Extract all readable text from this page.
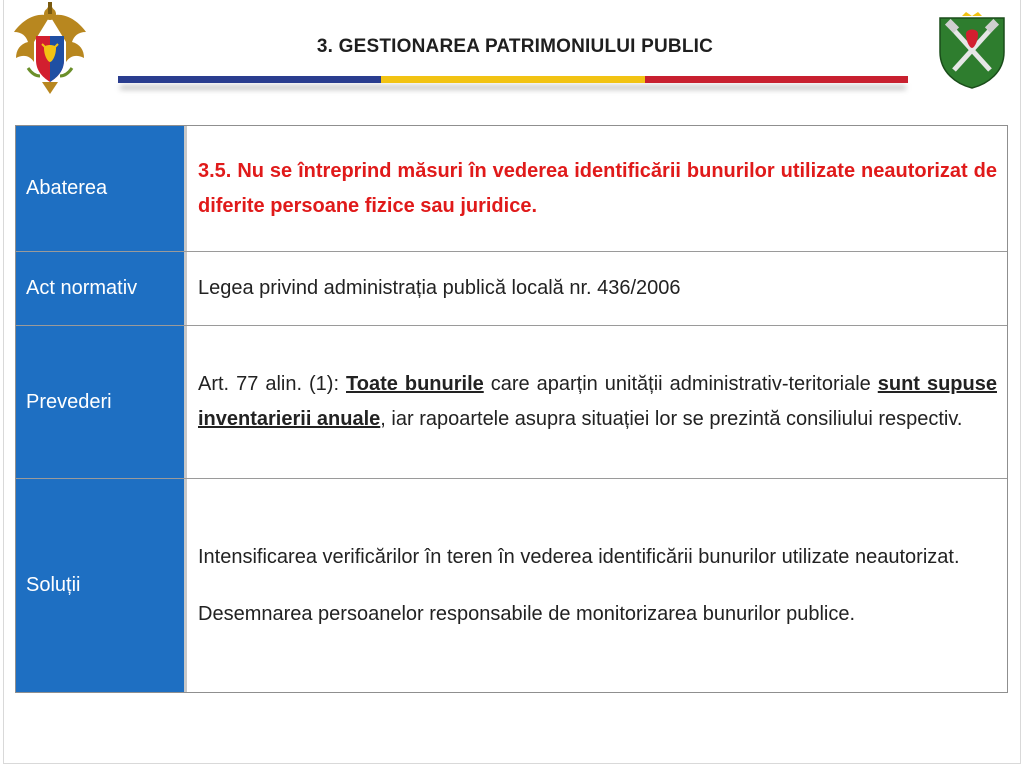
3. GESTIONAREA PATRIMONIULUI PUBLIC
Abaterea

3.5. Nu se întreprind măsuri în vederea identificării bunurilor utilizate neautorizat de diferite persoane fizice sau juridice.

Act normativ	Legea privind administrația publică locală nr. 436/2006

Prevederi

Art. 77 alin. (1): Toate bunurile care aparțin unității administrativ-teritoriale sunt supuse inventarierii anuale, iar rapoartele asupra situației lor se prezintă consiliului respectiv.

Soluții

Intensificarea verificărilor în teren în vederea identificării bunurilor utilizate neautorizat.

Desemnarea persoanelor responsabile de monitorizarea bunurilor publice.
